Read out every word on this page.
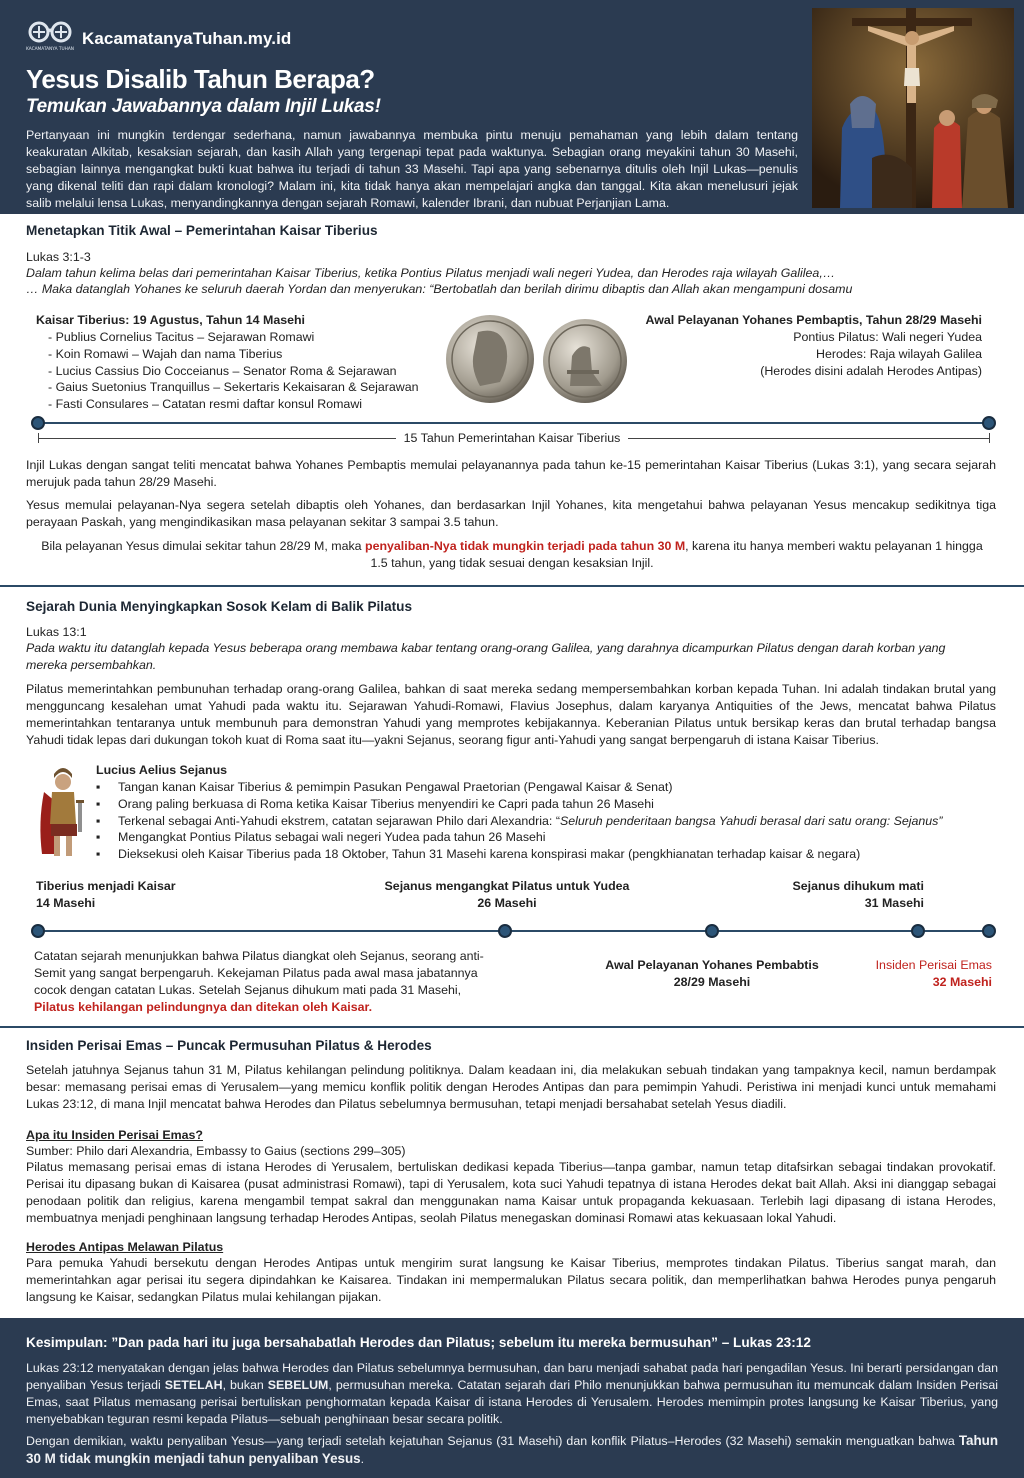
KACAMATANYA TUHAN
KacamatanyaTuhan.my.id
Yesus Disalib Tahun Berapa?
Temukan Jawabannya dalam Injil Lukas!
Pertanyaan ini mungkin terdengar sederhana, namun jawabannya membuka pintu menuju pemahaman yang lebih dalam tentang keakuratan Alkitab, kesaksian sejarah, dan kasih Allah yang tergenapi tepat pada waktunya. Sebagian orang meyakini tahun 30 Masehi, sebagian lainnya mengangkat bukti kuat bahwa itu terjadi di tahun 33 Masehi. Tapi apa yang sebenarnya ditulis oleh Injil Lukas—penulis yang dikenal teliti dan rapi dalam kronologi? Malam ini, kita tidak hanya akan mempelajari angka dan tanggal. Kita akan menelusuri jejak salib melalui lensa Lukas, menyandingkannya dengan sejarah Romawi, kalender Ibrani, dan nubuat Perjanjian Lama.
Menetapkan Titik Awal – Pemerintahan Kaisar Tiberius
Lukas 3:1-3
Dalam tahun kelima belas dari pemerintahan Kaisar Tiberius, ketika Pontius Pilatus menjadi wali negeri Yudea, dan Herodes raja wilayah Galilea,…
… Maka datanglah Yohanes ke seluruh daerah Yordan dan menyerukan: “Bertobatlah dan berilah dirimu dibaptis dan Allah akan mengampuni dosamu
Kaisar Tiberius: 19 Agustus, Tahun 14 Masehi
- Publius Cornelius Tacitus – Sejarawan Romawi
- Koin Romawi – Wajah dan nama Tiberius
- Lucius Cassius Dio Cocceianus – Senator Roma & Sejarawan
- Gaius Suetonius Tranquillus – Sekertaris Kekaisaran & Sejarawan
- Fasti Consulares – Catatan resmi daftar konsul Romawi
Awal Pelayanan Yohanes Pembaptis, Tahun 28/29 Masehi
Pontius Pilatus: Wali negeri Yudea
Herodes: Raja wilayah Galilea
(Herodes disini adalah Herodes Antipas)
15 Tahun Pemerintahan Kaisar Tiberius
Injil Lukas dengan sangat teliti mencatat bahwa Yohanes Pembaptis memulai pelayanannya pada tahun ke-15 pemerintahan Kaisar Tiberius (Lukas 3:1), yang secara sejarah merujuk pada tahun 28/29 Masehi.
Yesus memulai pelayanan-Nya segera setelah dibaptis oleh Yohanes, dan berdasarkan Injil Yohanes, kita mengetahui bahwa pelayanan Yesus mencakup sedikitnya tiga perayaan Paskah, yang mengindikasikan masa pelayanan sekitar 3 sampai 3.5 tahun.
Bila pelayanan Yesus dimulai sekitar tahun 28/29 M, maka penyaliban-Nya tidak mungkin terjadi pada tahun 30 M, karena itu hanya memberi waktu pelayanan 1 hingga 1.5 tahun, yang tidak sesuai dengan kesaksian Injil.
Sejarah Dunia Menyingkapkan Sosok Kelam di Balik Pilatus
Lukas 13:1
Pada waktu itu datanglah kepada Yesus beberapa orang membawa kabar tentang orang-orang Galilea, yang darahnya dicampurkan Pilatus dengan darah korban yang mereka persembahkan.
Pilatus memerintahkan pembunuhan terhadap orang-orang Galilea, bahkan di saat mereka sedang mempersembahkan korban kepada Tuhan. Ini adalah tindakan brutal yang mengguncang kesalehan umat Yahudi pada waktu itu. Sejarawan Yahudi-Romawi, Flavius Josephus, dalam karyanya Antiquities of the Jews, mencatat bahwa Pilatus memerintahkan tentaranya untuk membunuh para demonstran Yahudi yang memprotes kebijakannya. Keberanian Pilatus untuk bersikap keras dan brutal terhadap bangsa Yahudi tidak lepas dari dukungan tokoh kuat di Roma saat itu—yakni Sejanus, seorang figur anti-Yahudi yang sangat berpengaruh di istana Kaisar Tiberius.
Lucius Aelius Sejanus
▪	Tangan kanan Kaisar Tiberius & pemimpin Pasukan Pengawal Praetorian (Pengawal Kaisar & Senat)
▪	Orang paling berkuasa di Roma ketika Kaisar Tiberius menyendiri ke Capri pada tahun 26 Masehi
▪	Terkenal sebagai Anti-Yahudi ekstrem, catatan sejarawan Philo dari Alexandria: “Seluruh penderitaan bangsa Yahudi berasal dari satu orang: Sejanus”
▪	Mengangkat Pontius Pilatus sebagai wali negeri Yudea pada tahun 26 Masehi
▪	Dieksekusi oleh Kaisar Tiberius pada 18 Oktober, Tahun 31 Masehi karena konspirasi makar (pengkhianatan terhadap kaisar & negara)
Tiberius menjadi Kaisar
14 Masehi
Sejanus mengangkat Pilatus untuk Yudea
26 Masehi
Sejanus dihukum mati
31 Masehi
Catatan sejarah menunjukkan bahwa Pilatus diangkat oleh Sejanus, seorang anti-Semit yang sangat berpengaruh. Kekejaman Pilatus pada awal masa jabatannya cocok dengan catatan Lukas. Setelah Sejanus dihukum mati pada 31 Masehi, Pilatus kehilangan pelindungnya dan ditekan oleh Kaisar.
Awal Pelayanan Yohanes Pembabtis
28/29 Masehi
Insiden Perisai Emas
32 Masehi
Insiden Perisai Emas – Puncak Permusuhan Pilatus & Herodes
Setelah jatuhnya Sejanus tahun 31 M, Pilatus kehilangan pelindung politiknya. Dalam keadaan ini, dia melakukan sebuah tindakan yang tampaknya kecil, namun berdampak besar: memasang perisai emas di Yerusalem—yang memicu konflik politik dengan Herodes Antipas dan para pemimpin Yahudi. Peristiwa ini menjadi kunci untuk memahami Lukas 23:12, di mana Injil mencatat bahwa Herodes dan Pilatus sebelumnya bermusuhan, tetapi menjadi bersahabat setelah Yesus diadili.
Apa itu Insiden Perisai Emas?
Sumber: Philo dari Alexandria, Embassy to Gaius (sections 299–305)
Pilatus memasang perisai emas di istana Herodes di Yerusalem, bertuliskan dedikasi kepada Tiberius—tanpa gambar, namun tetap ditafsirkan sebagai tindakan provokatif. Perisai itu dipasang bukan di Kaisarea (pusat administrasi Romawi), tapi di Yerusalem, kota suci Yahudi tepatnya di istana Herodes dekat bait Allah. Aksi ini dianggap sebagai penodaan politik dan religius, karena mengambil tempat sakral dan menggunakan nama Kaisar untuk propaganda kekuasaan. Terlebih lagi dipasang di istana Herodes, membuatnya menjadi penghinaan langsung terhadap Herodes Antipas, seolah Pilatus menegaskan dominasi Romawi atas kekuasaan lokal Yahudi.
Herodes Antipas Melawan Pilatus
Para pemuka Yahudi bersekutu dengan Herodes Antipas untuk mengirim surat langsung ke Kaisar Tiberius, memprotes tindakan Pilatus. Tiberius sangat marah, dan memerintahkan agar perisai itu segera dipindahkan ke Kaisarea. Tindakan ini mempermalukan Pilatus secara politik, dan memperlihatkan bahwa Herodes punya pengaruh langsung ke Kaisar, sedangkan Pilatus mulai kehilangan pijakan.
Kesimpulan: ”Dan pada hari itu juga bersahabatlah Herodes dan Pilatus; sebelum itu mereka bermusuhan” – Lukas 23:12
Lukas 23:12 menyatakan dengan jelas bahwa Herodes dan Pilatus sebelumnya bermusuhan, dan baru menjadi sahabat pada hari pengadilan Yesus. Ini berarti persidangan dan penyaliban Yesus terjadi SETELAH, bukan SEBELUM, permusuhan mereka. Catatan sejarah dari Philo menunjukkan bahwa permusuhan itu memuncak dalam Insiden Perisai Emas, saat Pilatus memasang perisai bertuliskan penghormatan kepada Kaisar di istana Herodes di Yerusalem. Herodes memimpin protes langsung ke Kaisar Tiberius, yang menyebabkan teguran resmi kepada Pilatus—sebuah penghinaan besar secara politik.
Dengan demikian, waktu penyaliban Yesus—yang terjadi setelah kejatuhan Sejanus (31 Masehi) dan konflik Pilatus–Herodes (32 Masehi) semakin menguatkan bahwa Tahun 30 M tidak mungkin menjadi tahun penyaliban Yesus.
